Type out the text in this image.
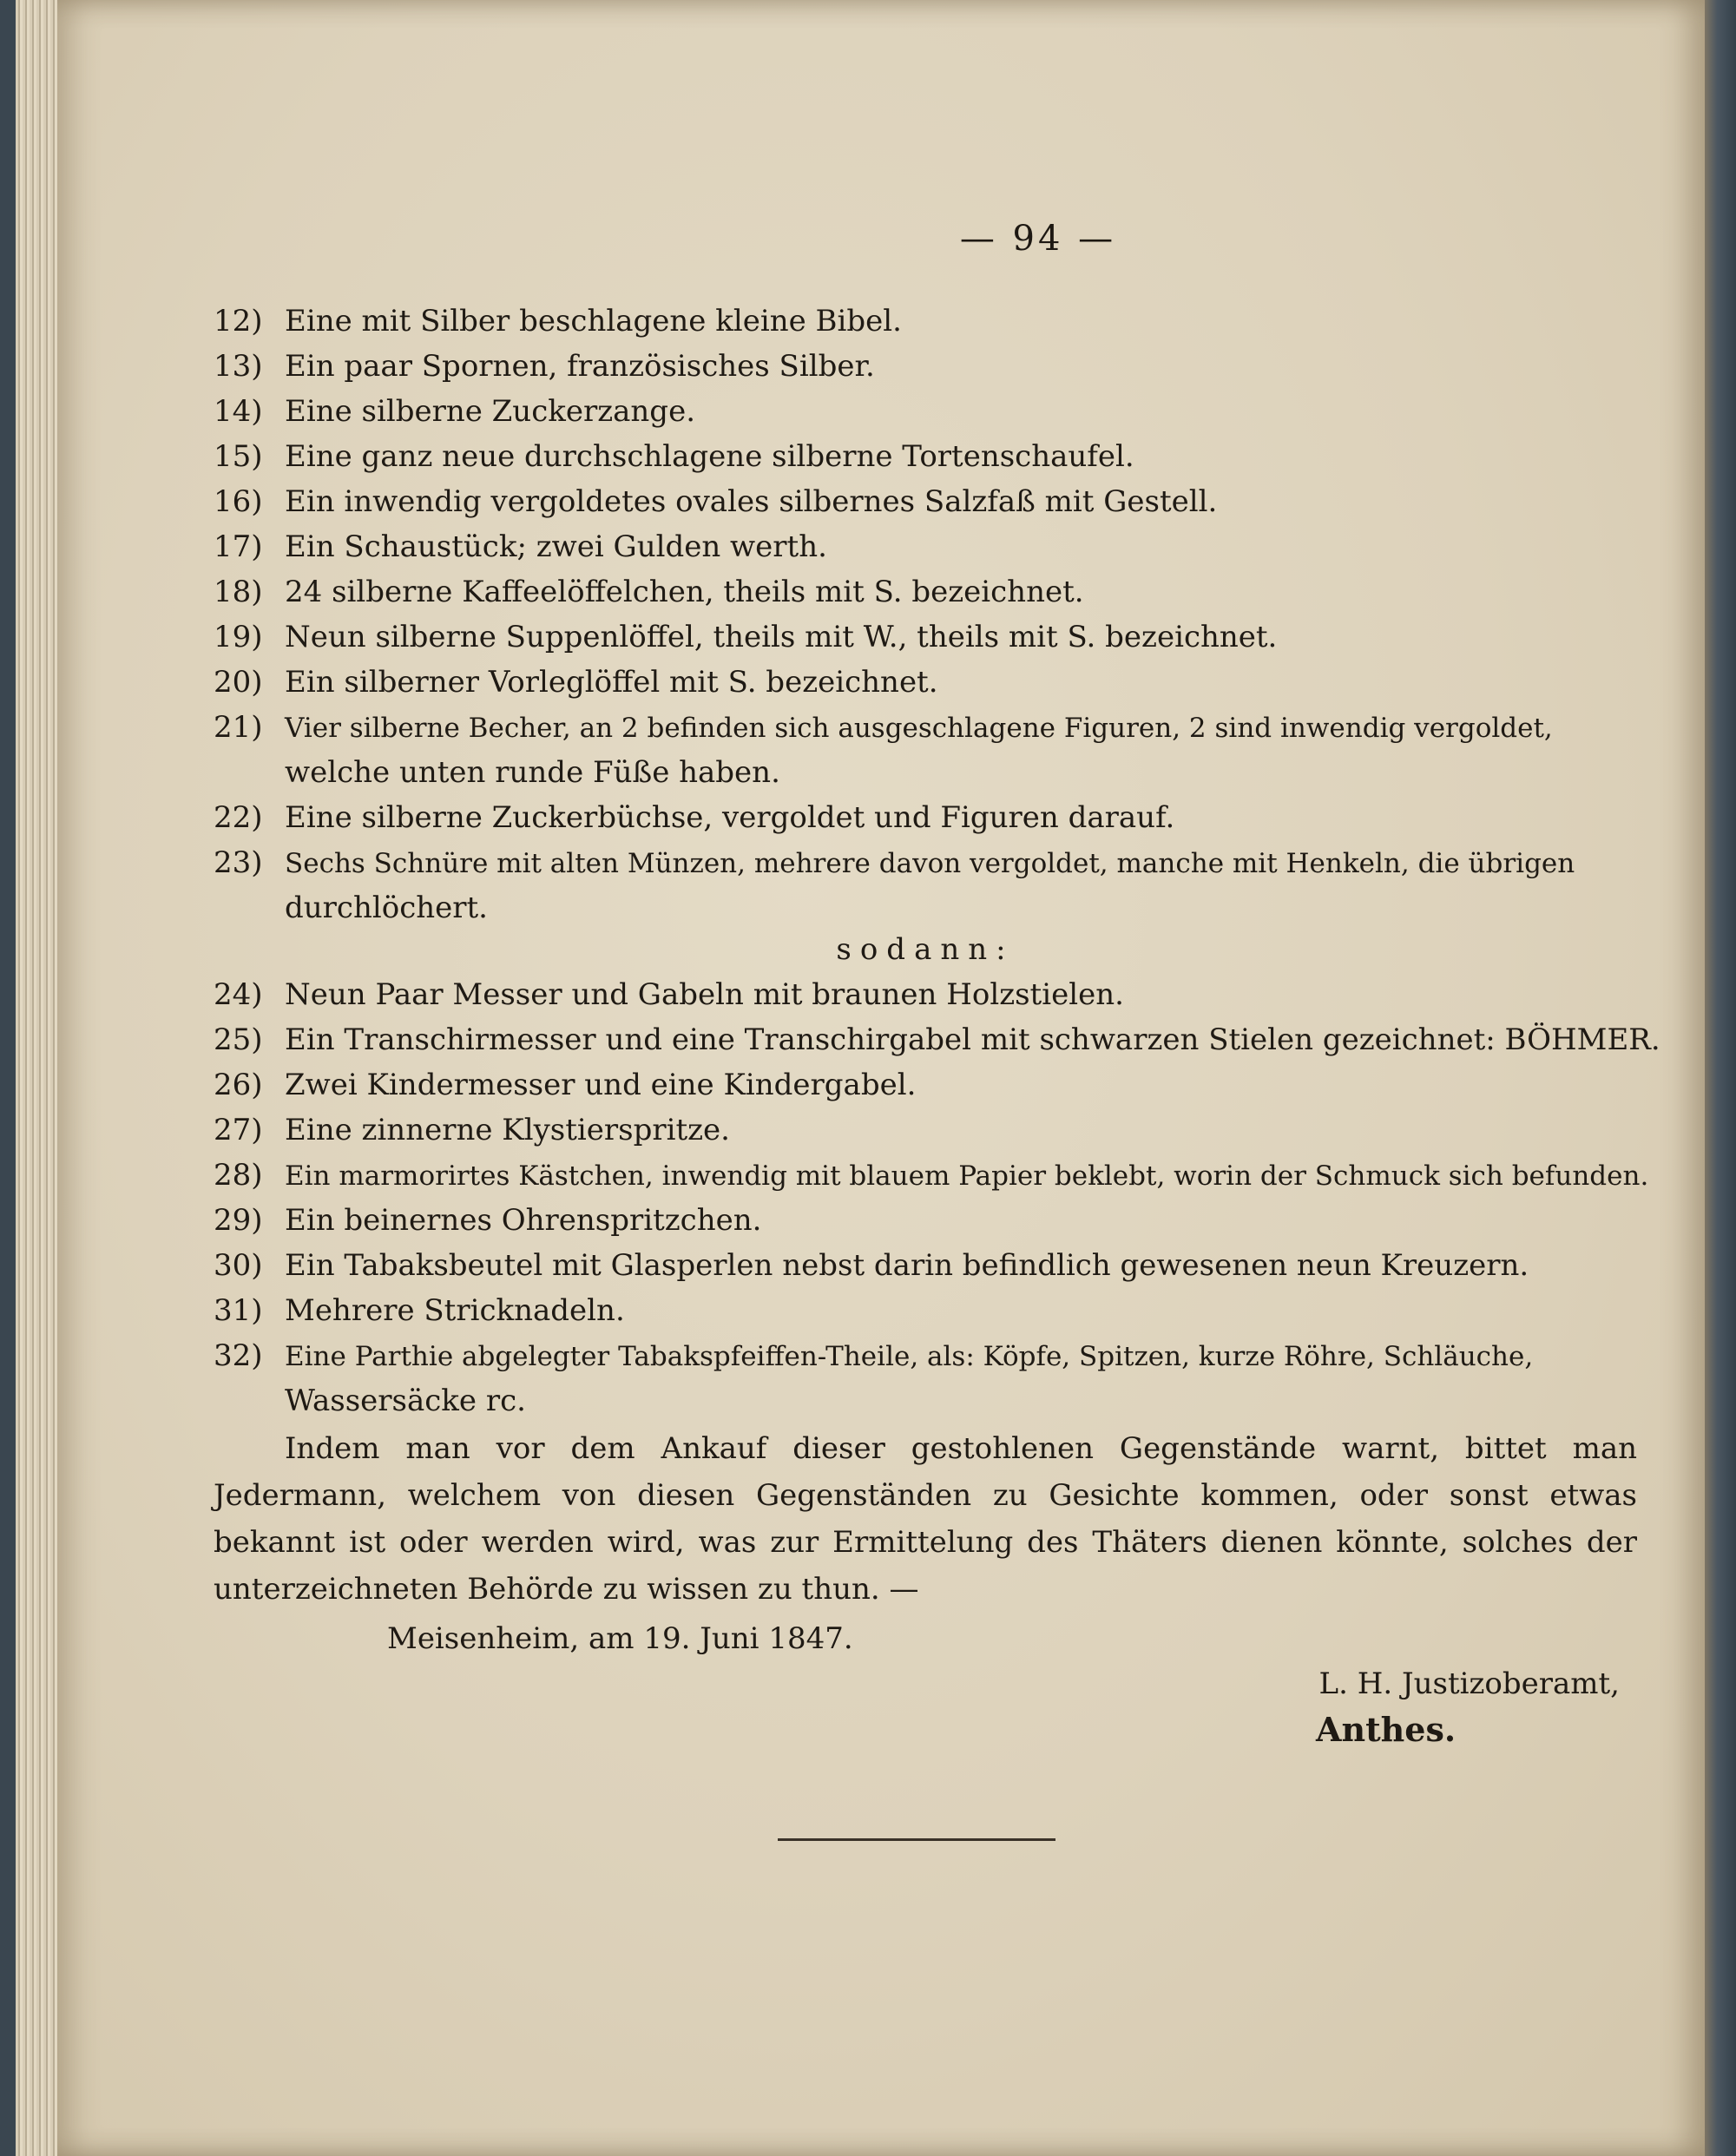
— 94 —
12) Eine mit Silber beschlagene kleine Bibel.
13) Ein paar Spornen, französisches Silber.
14) Eine silberne Zuckerzange.
15) Eine ganz neue durchschlagene silberne Tortenschaufel.
16) Ein inwendig vergoldetes ovales silbernes Salzfaß mit Gestell.
17) Ein Schaustück; zwei Gulden werth.
18) 24 silberne Kaffeelöffelchen, theils mit S. bezeichnet.
19) Neun silberne Suppenlöffel, theils mit W., theils mit S. bezeichnet.
20) Ein silberner Vorleglöffel mit S. bezeichnet.
21) Vier silberne Becher, an 2 befinden sich ausgeschlagene Figuren, 2 sind inwendig vergoldet,
welche unten runde Füße haben.
22) Eine silberne Zuckerbüchse, vergoldet und Figuren darauf.
23) Sechs Schnüre mit alten Münzen, mehrere davon vergoldet, manche mit Henkeln, die übrigen
durchlöchert.
sodann:
24) Neun Paar Messer und Gabeln mit braunen Holzstielen.
25) Ein Transchirmesser und eine Transchirgabel mit schwarzen Stielen gezeichnet: BÖHMER.
26) Zwei Kindermesser und eine Kindergabel.
27) Eine zinnerne Klystierspritze.
28) Ein marmorirtes Kästchen, inwendig mit blauem Papier beklebt, worin der Schmuck sich befunden.
29) Ein beinernes Ohrenspritzchen.
30) Ein Tabaksbeutel mit Glasperlen nebst darin befindlich gewesenen neun Kreuzern.
31) Mehrere Stricknadeln.
32) Eine Parthie abgelegter Tabakspfeiffen-Theile, als: Köpfe, Spitzen, kurze Röhre, Schläuche,
Wassersäcke rc.
Indem man vor dem Ankauf dieser gestohlenen Gegenstände warnt, bittet man Jedermann, welchem von diesen Gegenständen zu Gesichte kommen, oder sonst etwas bekannt ist oder werden wird, was zur Ermittelung des Thäters dienen könnte, solches der unterzeichneten Behörde zu wissen zu thun. —
Meisenheim, am 19. Juni 1847.
L. H. Justizoberamt,
Anthes.
